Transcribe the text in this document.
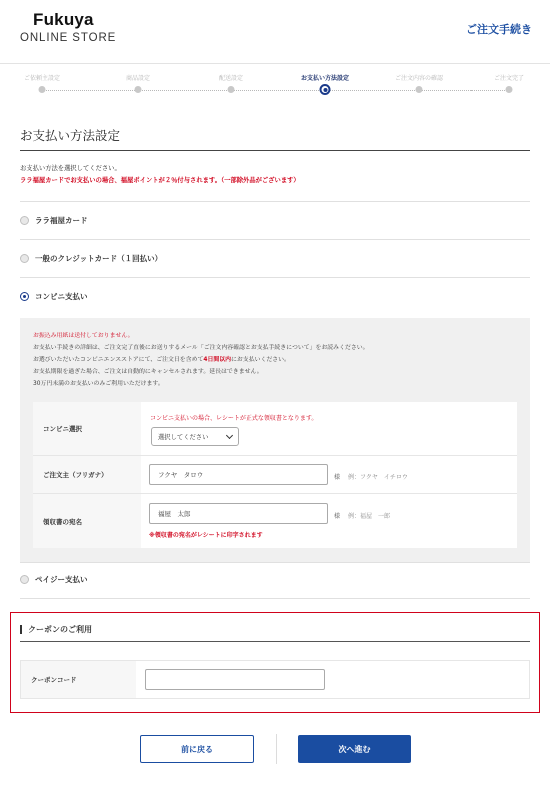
Fukuya
ONLINE STORE
ご注文手続き
ご依頼主設定	商品設定	配送設定	お支払い方法設定	ご注文内容の確認	ご注文完了
お支払い方法設定
お支払い方法を選択してください。
ララ福屋カードでお支払いの場合、福屋ポイントが２％付与されます。（一部除外品がございます）
ララ福屋カード
一般のクレジットカード（１回払い）
コンビニ支払い
お振込み用紙は送付しておりません。
お支払い手続きの詳細は、ご注文完了直後にお送りするメール「ご注文内容確認とお支払手続きについて」をお読みください。
お選びいただいたコンビニエンスストアにて、ご注文日を含めて4日間以内にお支払いください。
お支払期限を過ぎた場合、ご注文は自動的にキャンセルされます。延長はできません。
30万円未満のお支払いのみご利用いただけます。
コンビニ選択
コンビニ支払いの場合、レシートが正式な領収書となります。
選択してください
ご注文主（フリガナ）	フクヤ　タロウ	様 例：フクヤ　イチロウ
領収書の宛名
福屋　太郎	様 例：福屋　一郎
※領収書の宛名がレシートに印字されます
ペイジー支払い
クーポンのご利用
クーポンコード
前に戻る	次へ進む
